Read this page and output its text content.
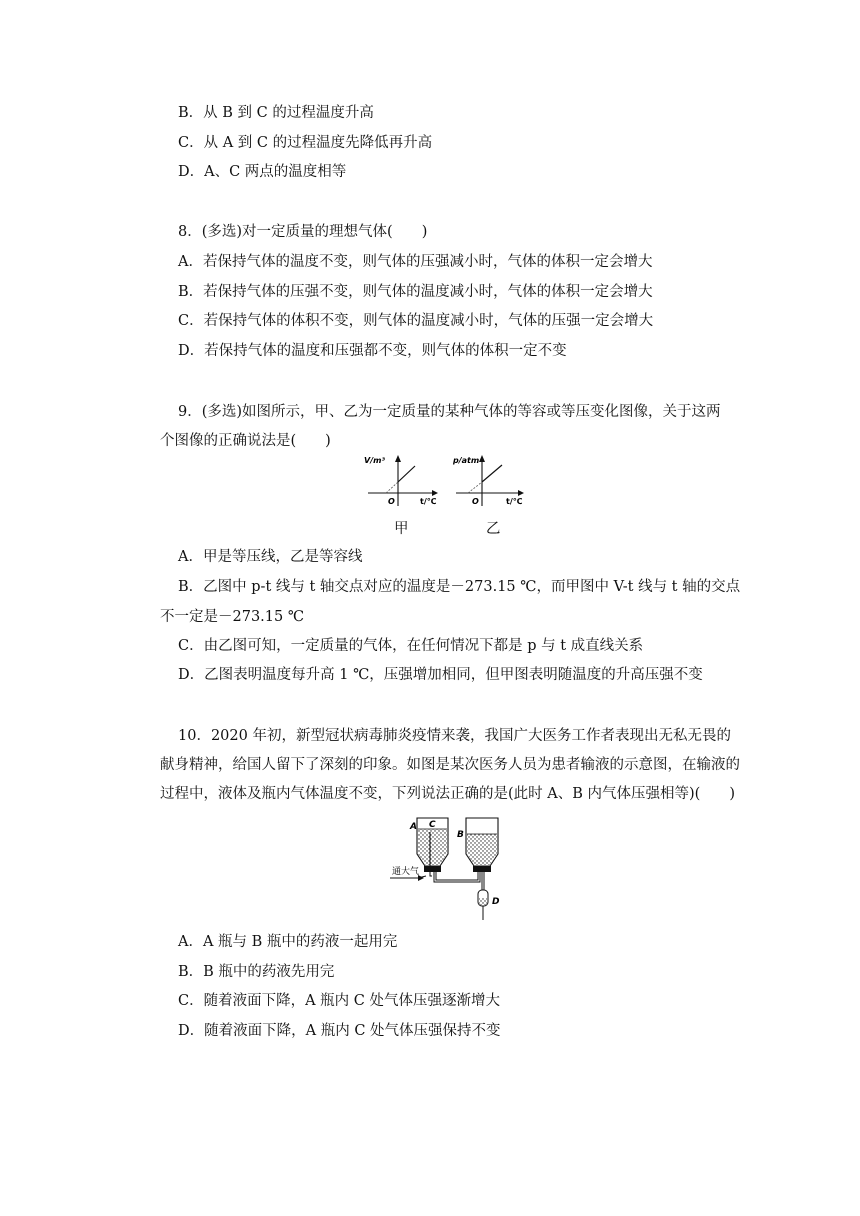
B．从 B 到 C 的过程温度升高
C．从 A 到 C 的过程温度先降低再升高
D．A、C 两点的温度相等
8．(多选)对一定质量的理想气体(　　)
A．若保持气体的温度不变，则气体的压强减小时，气体的体积一定会增大
B．若保持气体的压强不变，则气体的温度减小时，气体的体积一定会增大
C．若保持气体的体积不变，则气体的温度减小时，气体的压强一定会增大
D．若保持气体的温度和压强都不变，则气体的体积一定不变
9．(多选)如图所示，甲、乙为一定质量的某种气体的等容或等压变化图像，关于这两
个图像的正确说法是(　　)
V/m³
O	t/℃
p/atm
O	t/℃
甲	乙
A．甲是等压线，乙是等容线
B．乙图中 p-t 线与 t 轴交点对应的温度是－273.15 ℃，而甲图中 V-t 线与 t 轴的交点
不一定是－273.15 ℃
C．由乙图可知，一定质量的气体，在任何情况下都是 p 与 t 成直线关系
D．乙图表明温度每升高 1 ℃，压强增加相同，但甲图表明随温度的升高压强不变
10．2020 年初，新型冠状病毒肺炎疫情来袭，我国广大医务工作者表现出无私无畏的
献身精神，给国人留下了深刻的印象。如图是某次医务人员为患者输液的示意图，在输液的
过程中，液体及瓶内气体温度不变，下列说法正确的是(此时 A、B 内气体压强相等)(　　)
A C
B
D
通大气
A．A 瓶与 B 瓶中的药液一起用完
B．B 瓶中的药液先用完
C．随着液面下降，A 瓶内 C 处气体压强逐渐增大
D．随着液面下降，A 瓶内 C 处气体压强保持不变
